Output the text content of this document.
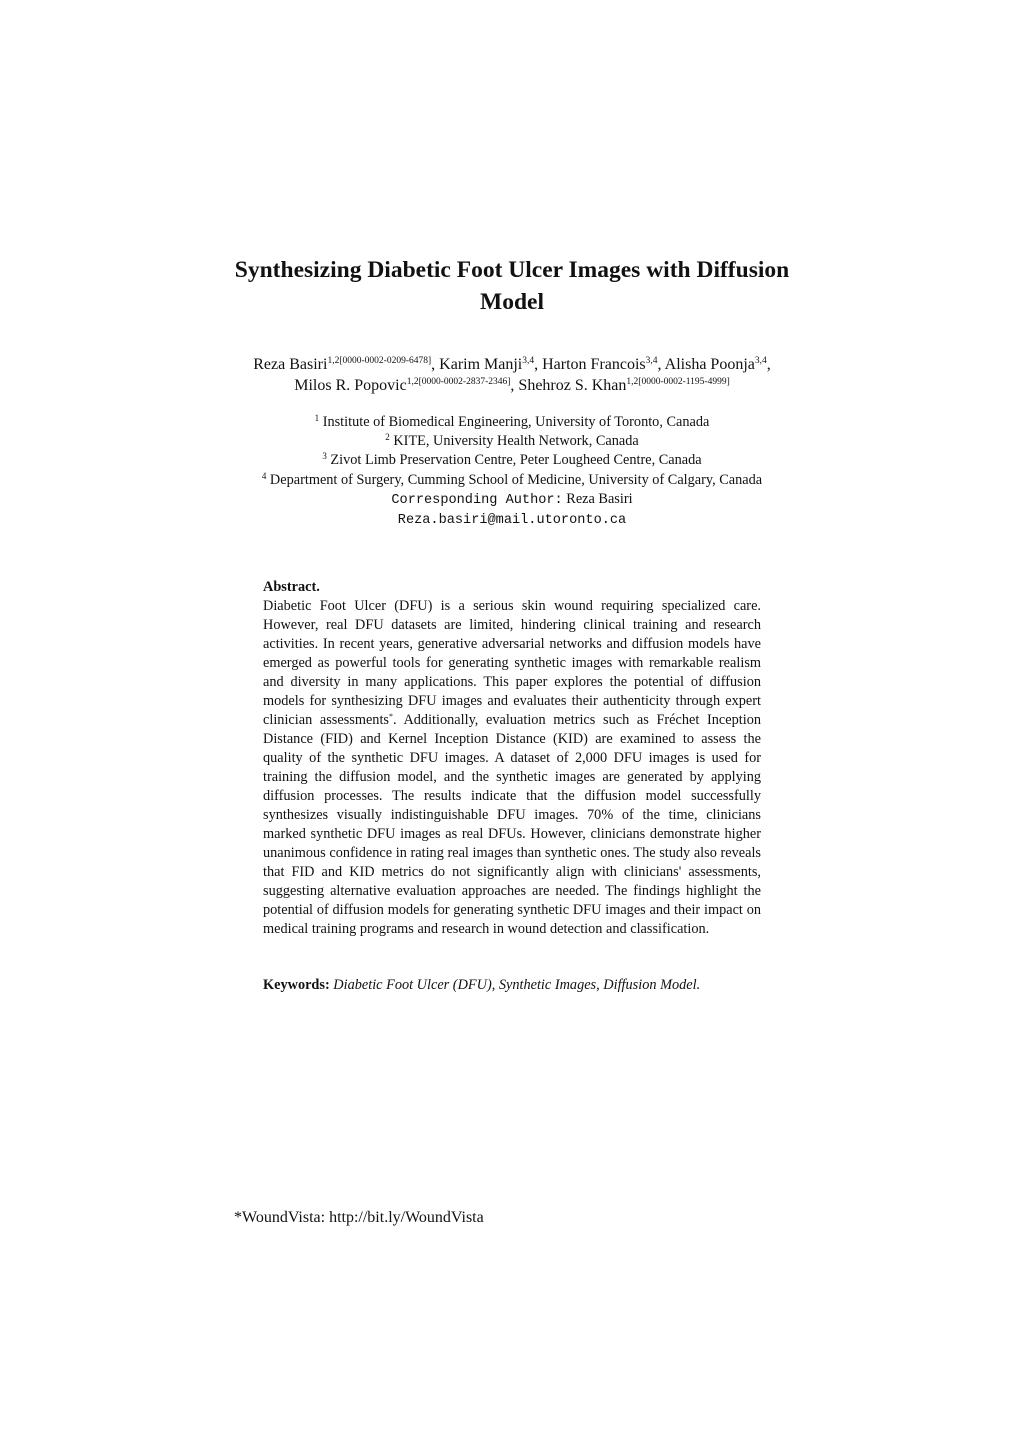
Synthesizing Diabetic Foot Ulcer Images with Diffusion Model
Reza Basiri$^{1,2[0000-0002-0209-6478]}$, Karim Manji$^{3,4}$, Harton Francois$^{3,4}$, Alisha Poonja$^{3,4}$,
Milos R. Popovic$^{1,2[0000-0002-2837-2346]}$, Shehroz S. Khan$^{1,2[0000-0002-1195-4999]}$
$^1$ Institute of Biomedical Engineering, University of Toronto, Canada
$^2$ KITE, University Health Network, Canada
$^3$ Zivot Limb Preservation Centre, Peter Lougheed Centre, Canada
$^4$ Department of Surgery, Cumming School of Medicine, University of Calgary, Canada
Corresponding Author: Reza Basiri
Reza.basiri@mail.utoronto.ca
Abstract.
Diabetic Foot Ulcer (DFU) is a serious skin wound requiring specialized care. However, real DFU datasets are limited, hindering clinical training and research activities. In recent years, generative adversarial networks and diffusion models have emerged as powerful tools for generating synthetic images with remarkable realism and diversity in many applications. This paper explores the potential of diffusion models for synthesizing DFU images and evaluates their authenticity through expert clinician assessments*. Additionally, evaluation metrics such as Fréchet Inception Distance (FID) and Kernel Inception Distance (KID) are examined to assess the quality of the synthetic DFU images. A dataset of 2,000 DFU images is used for training the diffusion model, and the synthetic images are generated by applying diffusion processes. The results indicate that the diffusion model successfully synthesizes visually indistinguishable DFU images. 70% of the time, clinicians marked synthetic DFU images as real DFUs. However, clinicians demonstrate higher unanimous confidence in rating real images than synthetic ones. The study also reveals that FID and KID metrics do not significantly align with clinicians' assessments, suggesting alternative evaluation approaches are needed. The findings highlight the potential of diffusion models for generating synthetic DFU images and their impact on medical training programs and research in wound detection and classification.
Keywords: Diabetic Foot Ulcer (DFU), Synthetic Images, Diffusion Model.
*WoundVista: http://bit.ly/WoundVista
